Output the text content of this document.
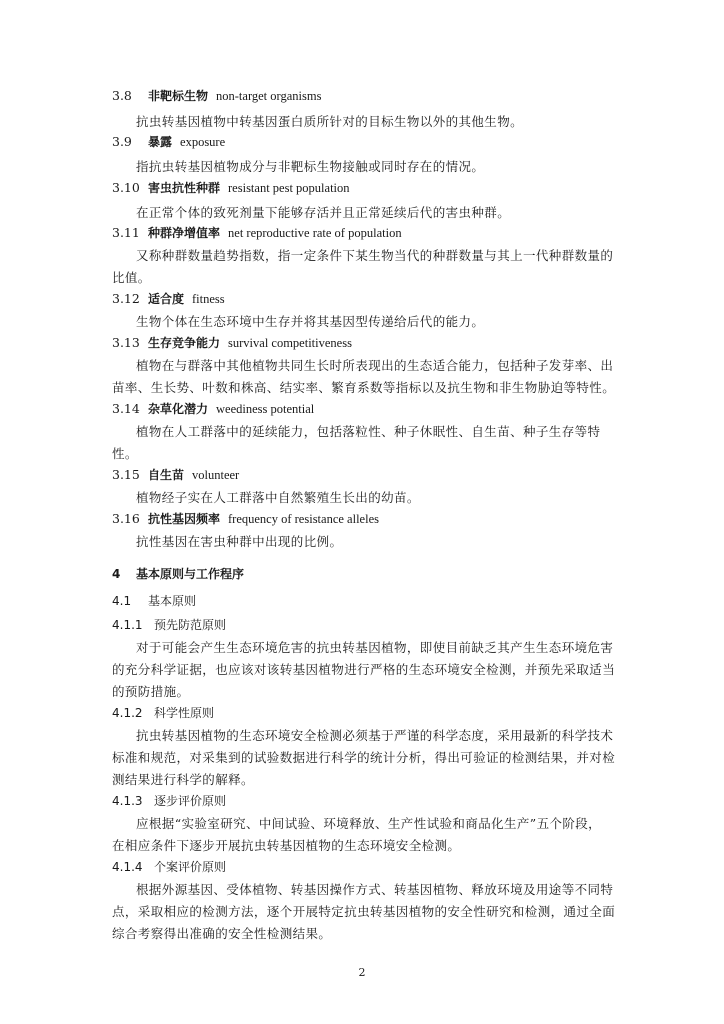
3.8 非靶标生物 non-target organisms
抗虫转基因植物中转基因蛋白质所针对的目标生物以外的其他生物。
3.9 暴露 exposure
指抗虫转基因植物成分与非靶标生物接触或同时存在的情况。
3.10 害虫抗性种群 resistant pest population
在正常个体的致死剂量下能够存活并且正常延续后代的害虫种群。
3.11 种群净增值率 net reproductive rate of population
又称种群数量趋势指数，指一定条件下某生物当代的种群数量与其上一代种群数量的
比值。
3.12 适合度 fitness
生物个体在生态环境中生存并将其基因型传递给后代的能力。
3.13 生存竞争能力 survival competitiveness
植物在与群落中其他植物共同生长时所表现出的生态适合能力，包括种子发芽率、出
苗率、生长势、叶数和株高、结实率、繁育系数等指标以及抗生物和非生物胁迫等特性。
3.14 杂草化潜力 weediness potential
植物在人工群落中的延续能力，包括落粒性、种子休眠性、自生苗、种子生存等特
性。
3.15 自生苗 volunteer
植物经子实在人工群落中自然繁殖生长出的幼苗。
3.16 抗性基因频率 frequency of resistance alleles
抗性基因在害虫种群中出现的比例。
4 基本原则与工作程序
4.1 基本原则
4.1.1 预先防范原则
对于可能会产生生态环境危害的抗虫转基因植物，即使目前缺乏其产生生态环境危害
的充分科学证据，也应该对该转基因植物进行严格的生态环境安全检测，并预先采取适当
的预防措施。
4.1.2 科学性原则
抗虫转基因植物的生态环境安全检测必须基于严谨的科学态度，采用最新的科学技术
标准和规范，对采集到的试验数据进行科学的统计分析，得出可验证的检测结果，并对检
测结果进行科学的解释。
4.1.3 逐步评价原则
应根据“实验室研究、中间试验、环境释放、生产性试验和商品化生产”五个阶段，
在相应条件下逐步开展抗虫转基因植物的生态环境安全检测。
4.1.4 个案评价原则
根据外源基因、受体植物、转基因操作方式、转基因植物、释放环境及用途等不同特
点，采取相应的检测方法，逐个开展特定抗虫转基因植物的安全性研究和检测，通过全面
综合考察得出准确的安全性检测结果。
2
